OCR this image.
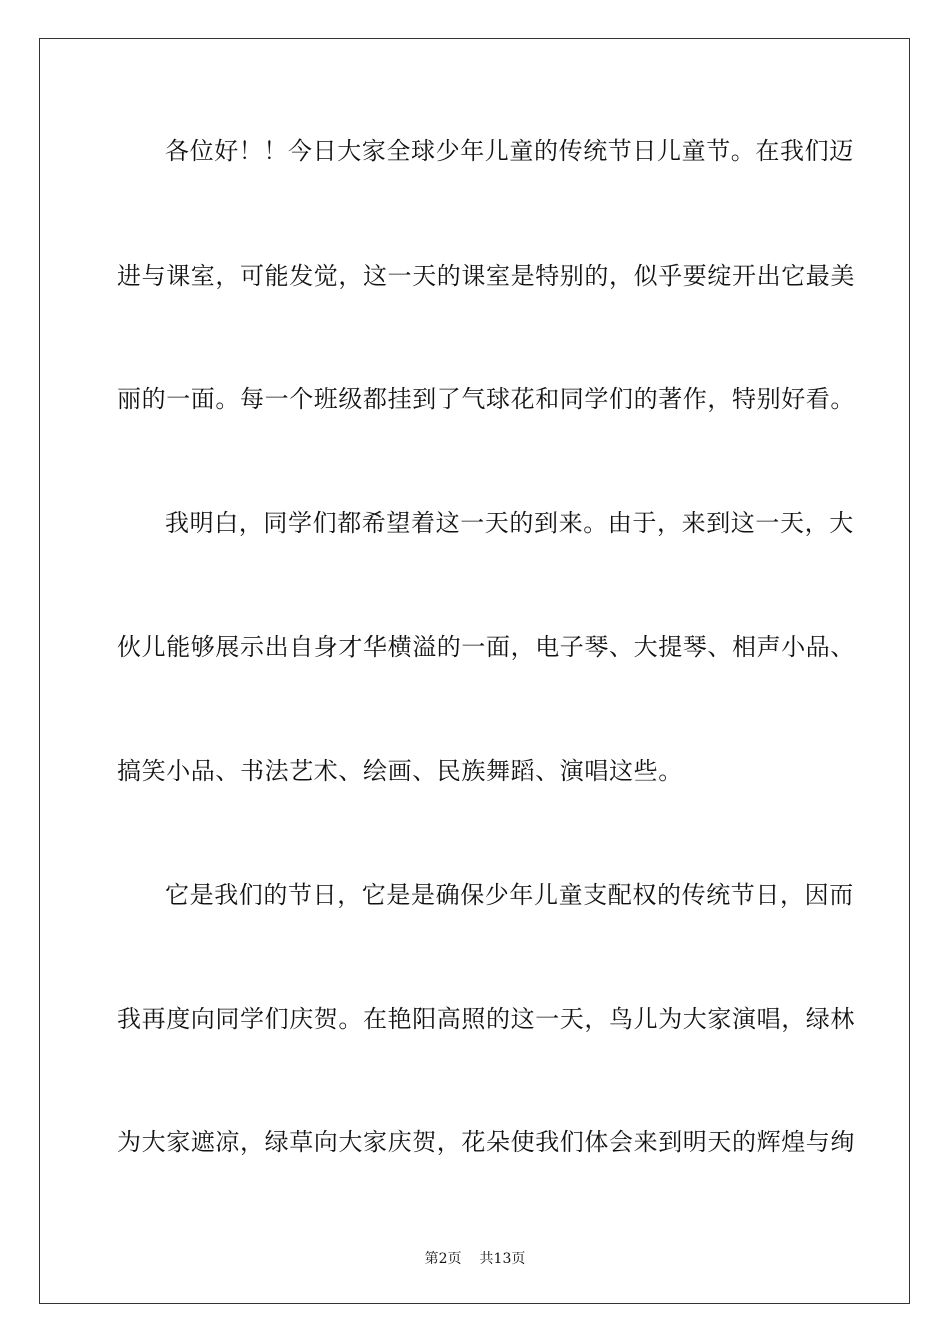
各位好！！今日大家全球少年儿童的传统节日儿童节。在我们迈
进与课室，可能发觉，这一天的课室是特别的，似乎要绽开出它最美
丽的一面。每一个班级都挂到了气球花和同学们的著作，特别好看。
我明白，同学们都希望着这一天的到来。由于，来到这一天，大
伙儿能够展示出自身才华横溢的一面，电子琴、大提琴、相声小品、
搞笑小品、书法艺术、绘画、民族舞蹈、演唱这些。
它是我们的节日，它是是确保少年儿童支配权的传统节日，因而
我再度向同学们庆贺。在艳阳高照的这一天，鸟儿为大家演唱，绿林
为大家遮凉，绿草向大家庆贺，花朵使我们体会来到明天的辉煌与绚
第2页 共13页
